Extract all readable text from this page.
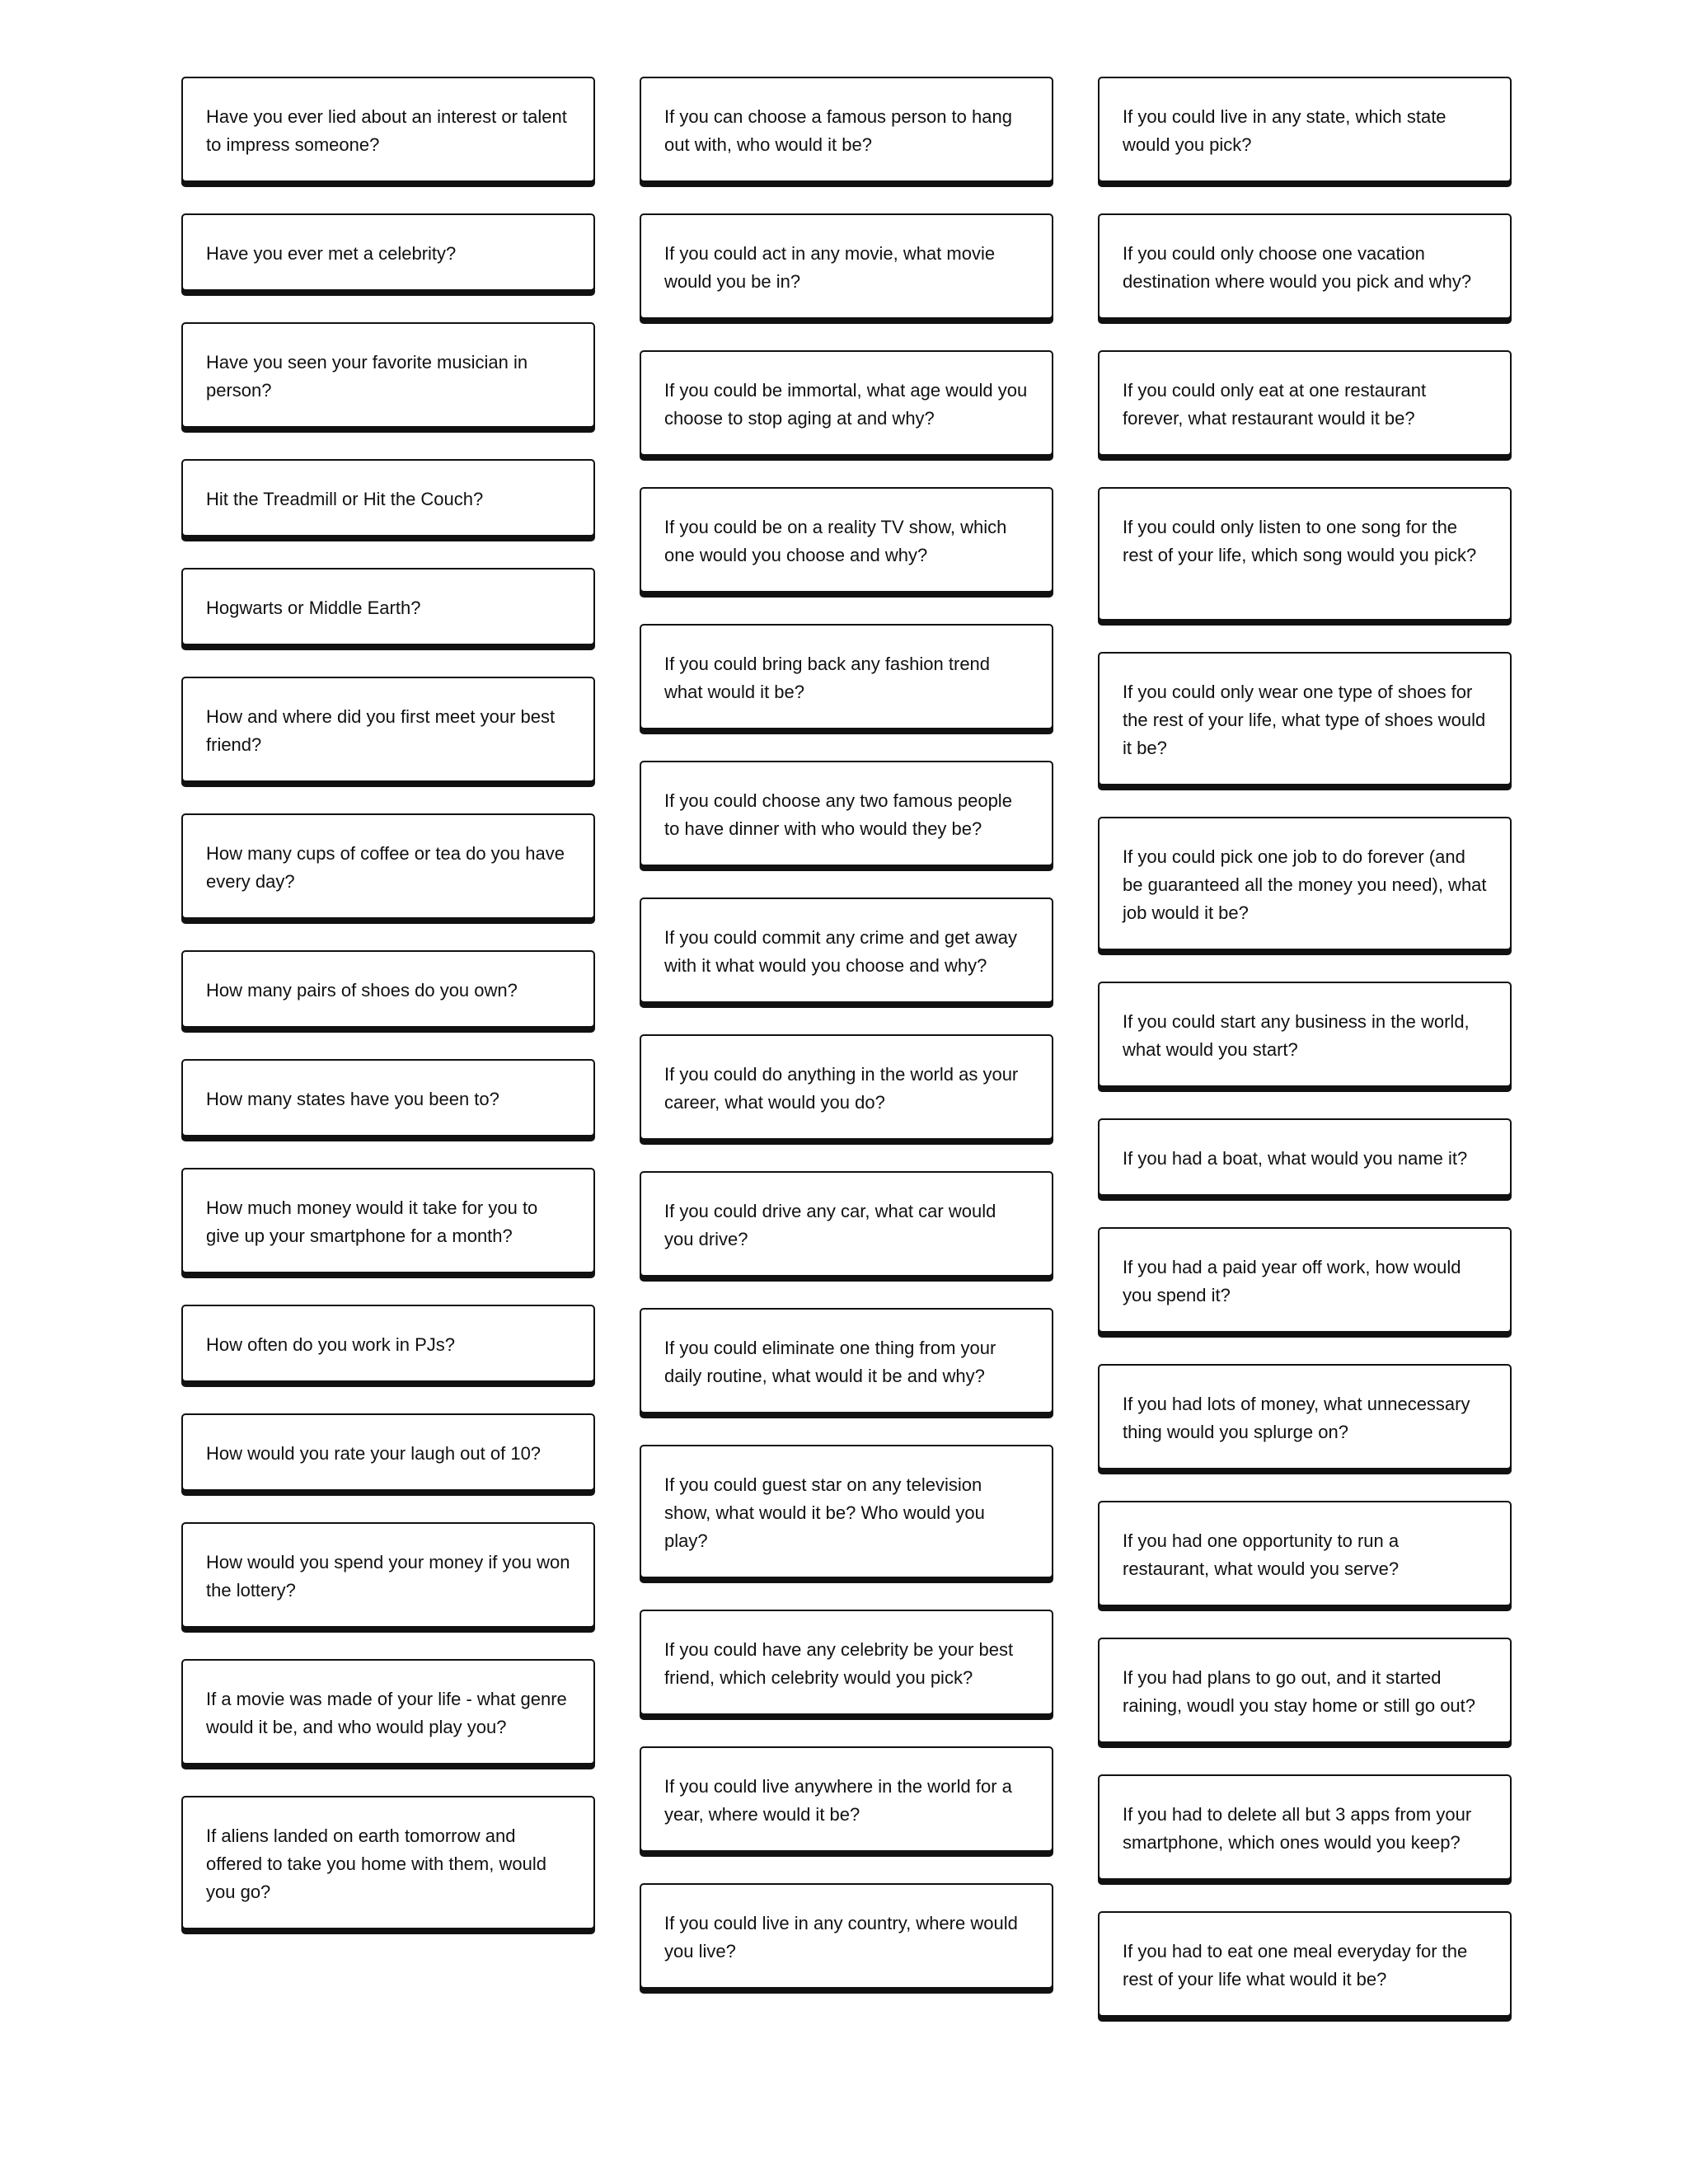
Have you ever lied about an interest or talent to impress someone?
Have you ever met a celebrity?
Have you seen your favorite musician in person?
Hit the Treadmill or Hit the Couch?
Hogwarts or Middle Earth?
How and where did you first meet your best friend?
How many cups of coffee or tea do you have every day?
How many pairs of shoes do you own?
How many states have you been to?
How much money would it take for you to give up your smartphone for a month?
How often do you work in PJs?
How would you rate your laugh out of 10?
How would you spend your money if you won the lottery?
If a movie was made of your life - what genre would it be, and who would play you?
If aliens landed on earth tomorrow and offered to take you home with them, would you go?
If you can choose a famous person to hang out with, who would it be?
If you could act in any movie, what movie would you be in?
If you could be immortal, what age would you choose to stop aging at and why?
If you could be on a reality TV show, which one would you choose and why?
If you could bring back any fashion trend what would it be?
If you could choose any two famous people to have dinner with who would they be?
If you could commit any crime and get away with it what would you choose and why?
If you could do anything in the world as your career, what would you do?
If you could drive any car, what car would you drive?
If you could eliminate one thing from your daily routine, what would it be and why?
If you could guest star on any television show, what would it be? Who would you play?
If you could have any celebrity be your best friend, which celebrity would you pick?
If you could live anywhere in the world for a year, where would it be?
If you could live in any country, where would you live?
If you could live in any state, which state would you pick?
If you could only choose one vacation destination where would you pick and why?
If you could only eat at one restaurant forever, what restaurant would it be?
If you could only listen to one song for the rest of your life, which song would you pick?
If you could only wear one type of shoes for the rest of your life, what type of shoes would it be?
If you could pick one job to do forever (and be guaranteed all the money you need), what job would it be?
If you could start any business in the world, what would you start?
If you had a boat, what would you name it?
If you had a paid year off work, how would you spend it?
If you had lots of money, what unnecessary thing would you splurge on?
If you had one opportunity to run a restaurant, what would you serve?
If you had plans to go out, and it started raining, woudl you stay home or still go out?
If you had to delete all but 3 apps from your smartphone, which ones would you keep?
If you had to eat one meal everyday for the rest of your life what would it be?
